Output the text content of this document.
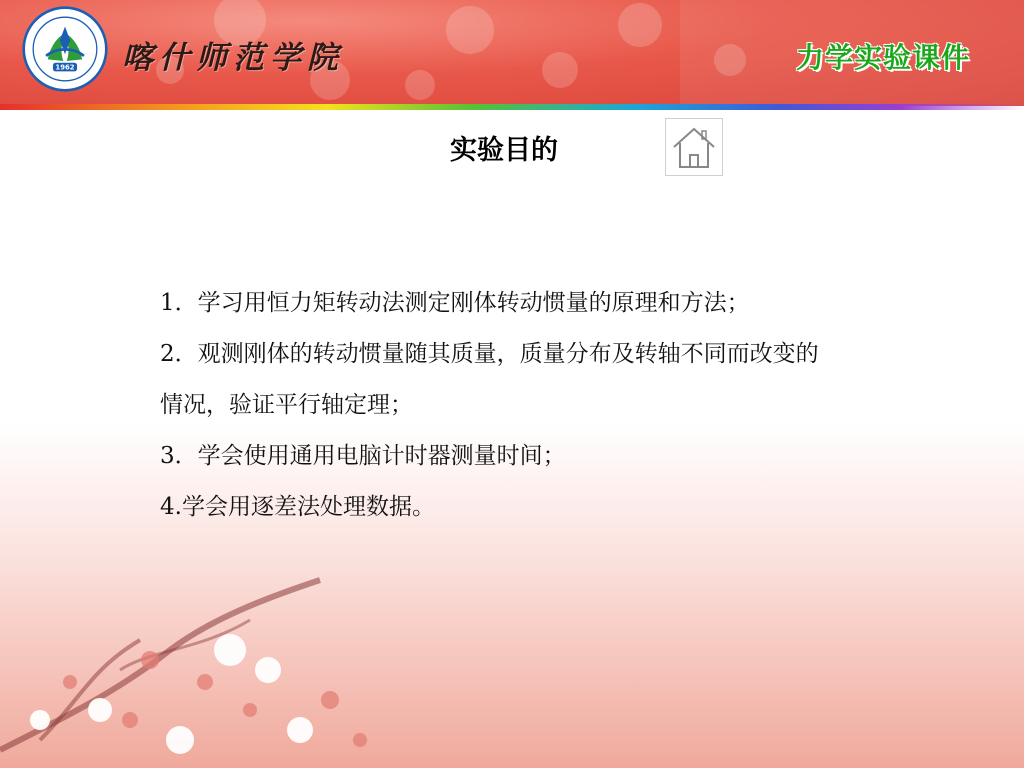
1962 喀什师范学院	力学实验课件
实验目的

1．学习用恒力矩转动法测定刚体转动惯量的原理和方法；

2．观测刚体的转动惯量随其质量，质量分布及转轴不同而改变的情况，验证平行轴定理；

3．学会使用通用电脑计时器测量时间；

4.学会用逐差法处理数据。
